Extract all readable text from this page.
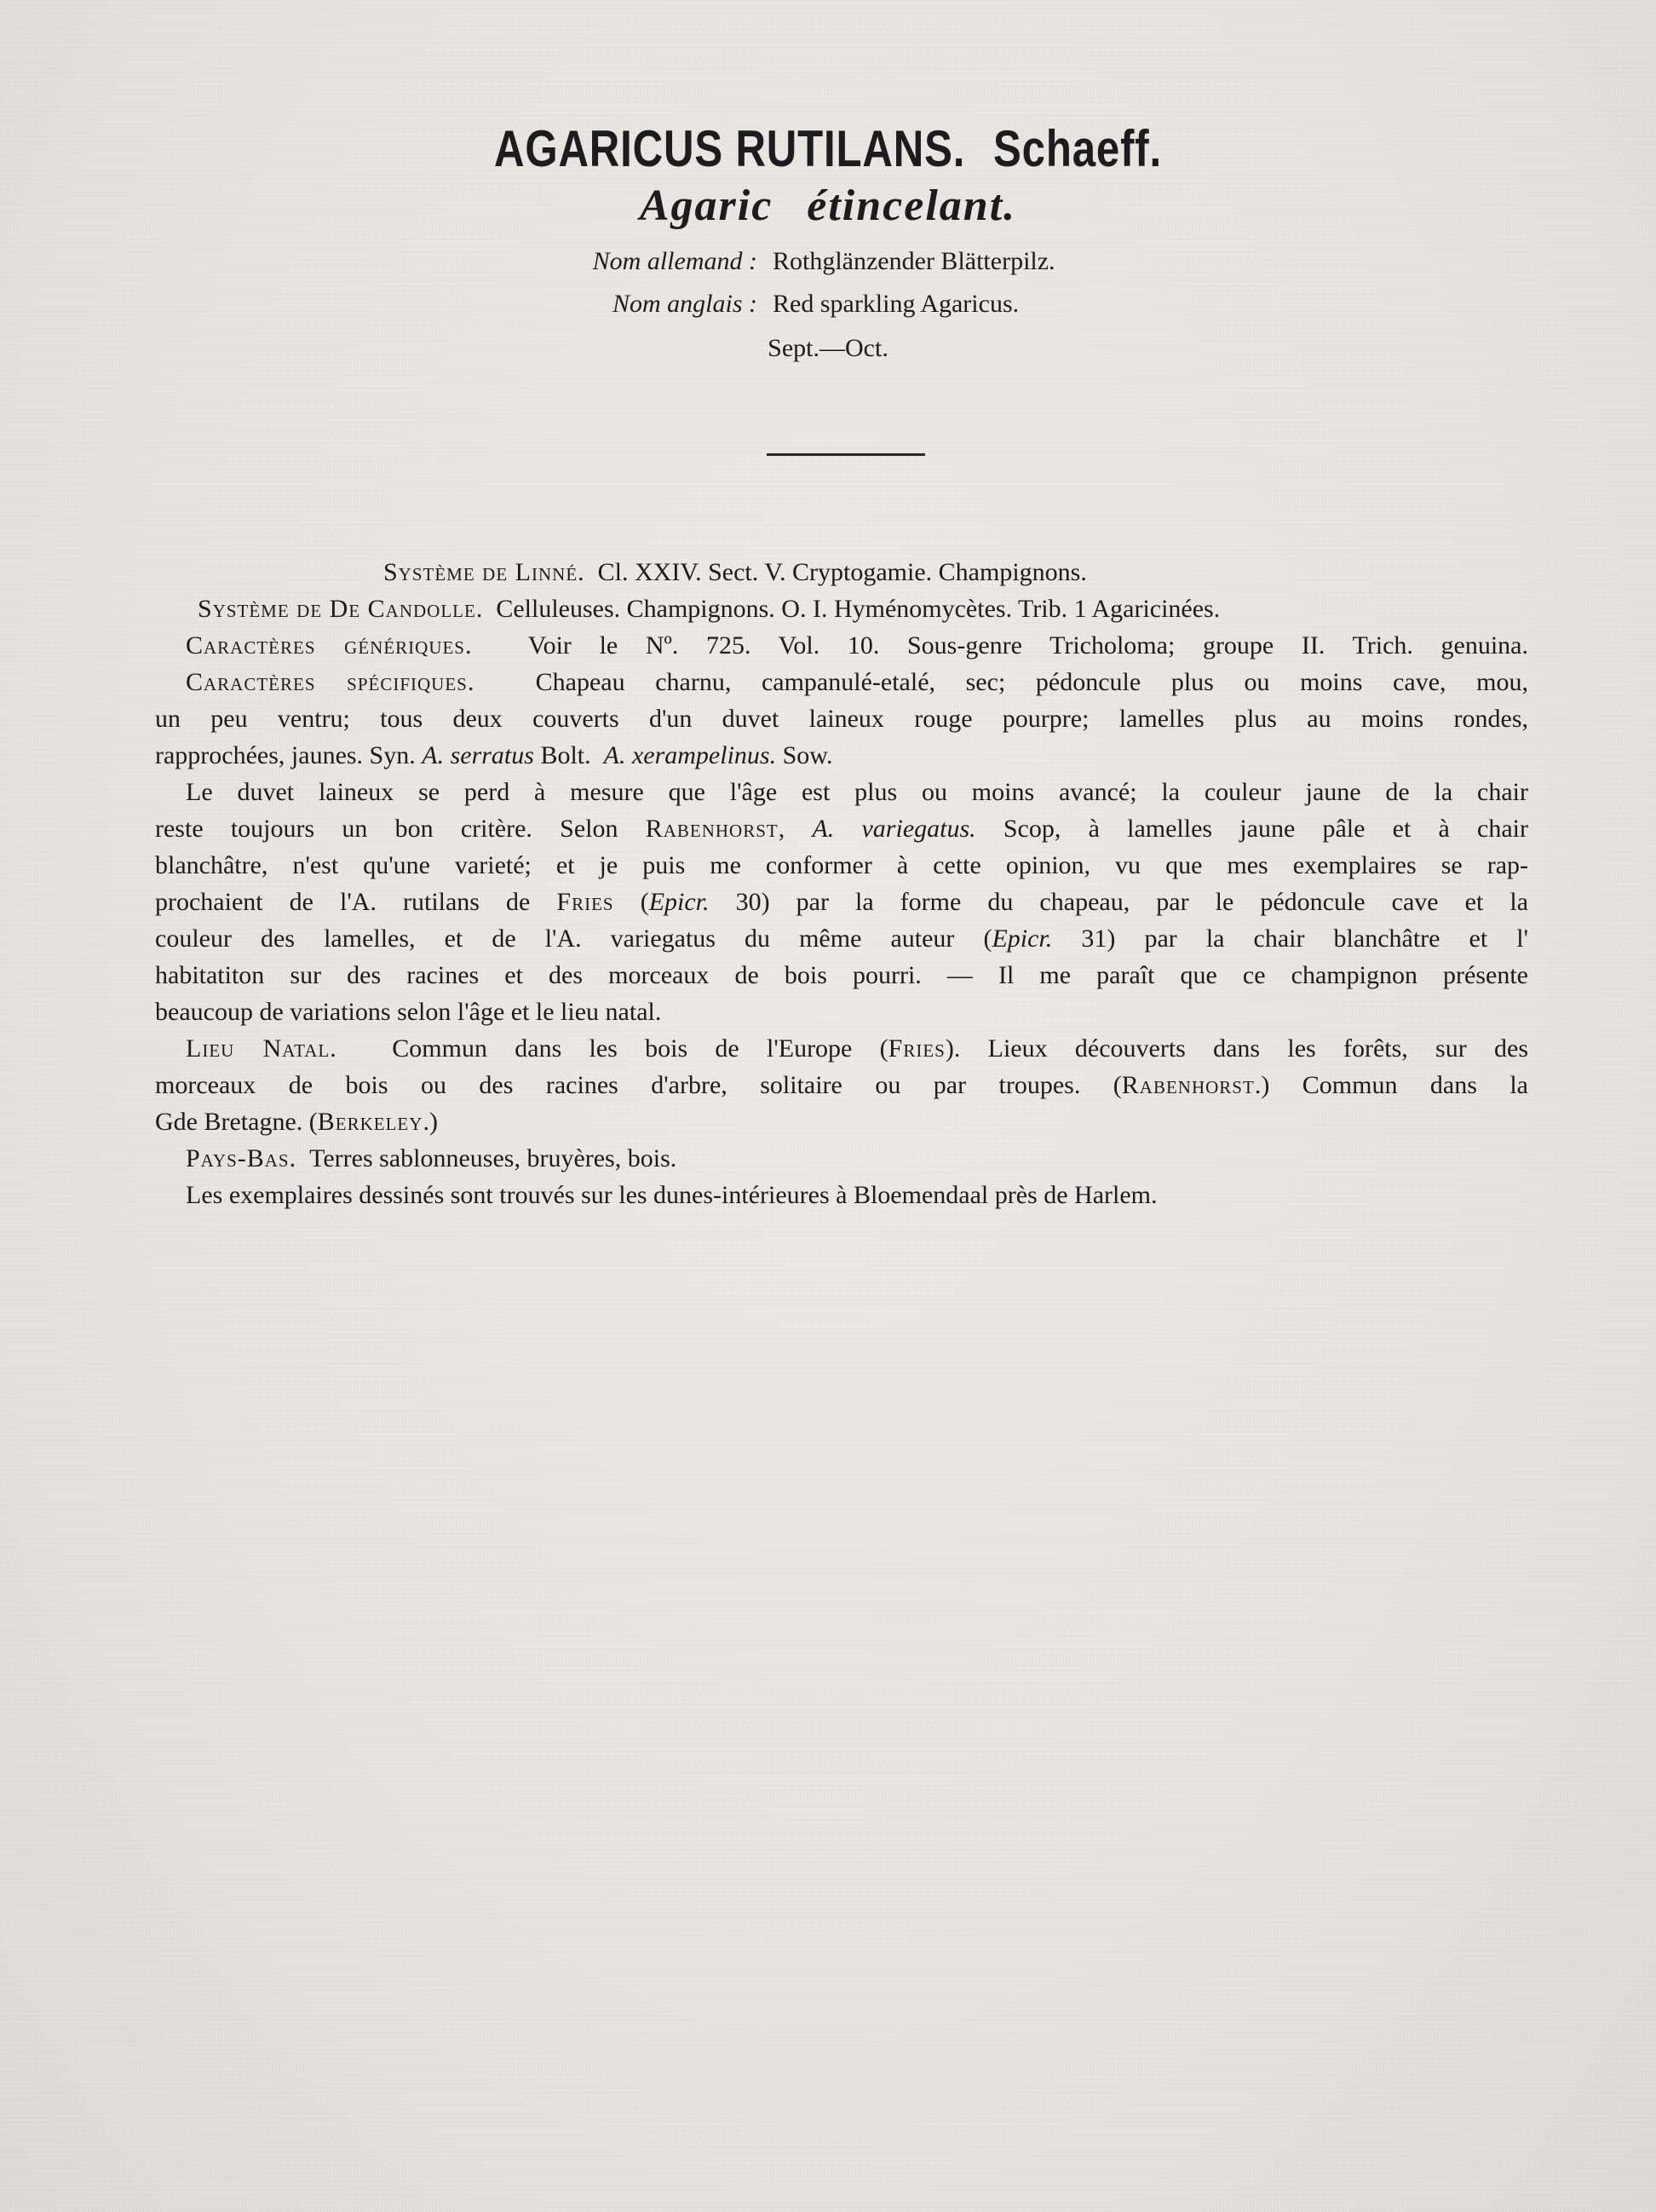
AGARICUS RUTILANS. Schaeff.
Agaric étincelant.
Nom allemand : Rothglänzender Blätterpilz.
Nom anglais : Red sparkling Agaricus.
Sept.—Oct.
Système de Linné. Cl. XXIV. Sect. V. Cryptogamie. Champignons.
Système de De Candolle. Celluleuses. Champignons. O. I. Hyménomycètes. Trib. 1 Agaricinées.
Caractères génériques. Voir le Nº. 725. Vol. 10. Sous-genre Tricholoma; groupe II. Trich. genuina.
Caractères spécifiques. Chapeau charnu, campanulé-etalé, sec; pédoncule plus ou moins cave, mou,
un peu ventru; tous deux couverts d'un duvet laineux rouge pourpre; lamelles plus au moins rondes,
rapprochées, jaunes. Syn. A. serratus Bolt. A. xerampelinus. Sow.
Le duvet laineux se perd à mesure que l'âge est plus ou moins avancé; la couleur jaune de la chair
reste toujours un bon critère. Selon Rabenhorst, A. variegatus. Scop, à lamelles jaune pâle et à chair
blanchâtre, n'est qu'une varieté; et je puis me conformer à cette opinion, vu que mes exemplaires se rap-
prochaient de l'A. rutilans de Fries (Epicr. 30) par la forme du chapeau, par le pédoncule cave et la
couleur des lamelles, et de l'A. variegatus du même auteur (Epicr. 31) par la chair blanchâtre et l'
habitatiton sur des racines et des morceaux de bois pourri. — Il me paraît que ce champignon présente
beaucoup de variations selon l'âge et le lieu natal.
Lieu Natal. Commun dans les bois de l'Europe (Fries). Lieux découverts dans les forêts, sur des
morceaux de bois ou des racines d'arbre, solitaire ou par troupes. (Rabenhorst.) Commun dans la
Gde Bretagne. (Berkeley.)
Pays-Bas. Terres sablonneuses, bruyères, bois.
Les exemplaires dessinés sont trouvés sur les dunes-intérieures à Bloemendaal près de Harlem.
